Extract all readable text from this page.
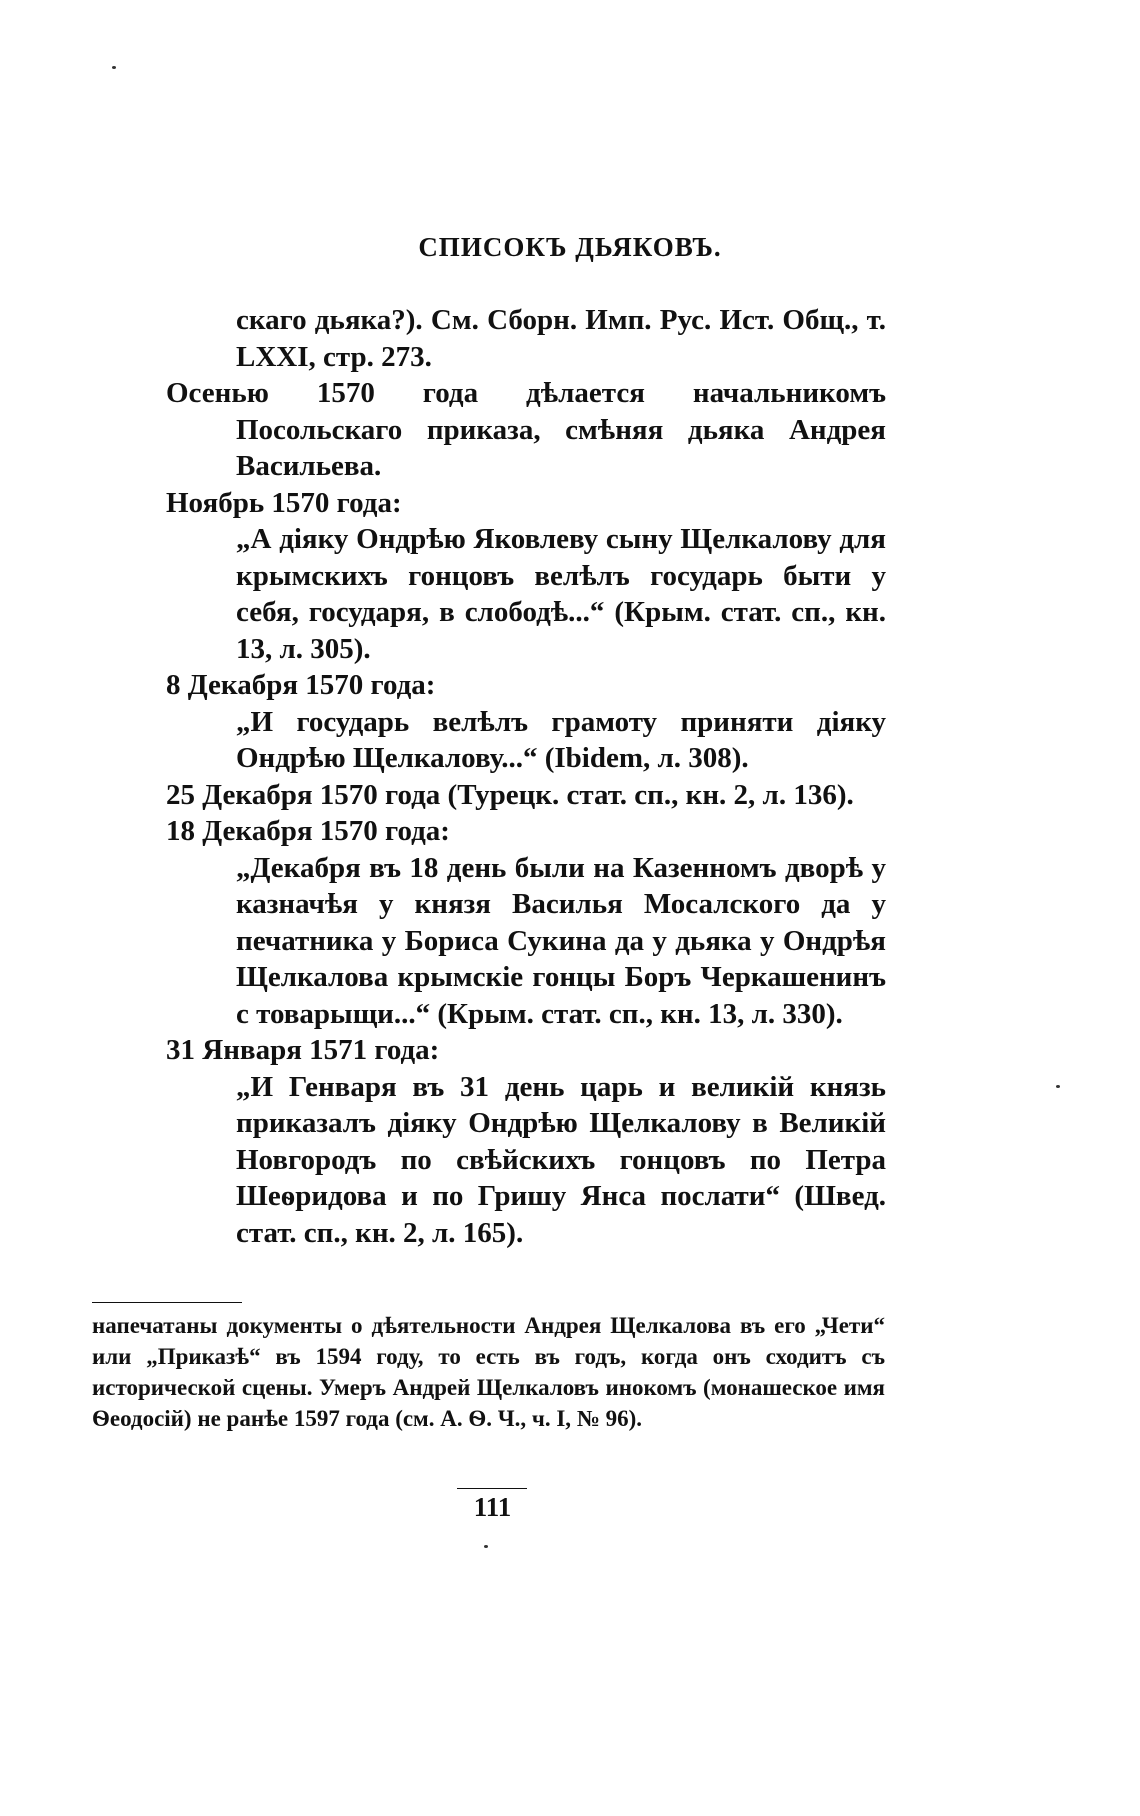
СПИСОКЪ ДЬЯКОВЪ.

скаго дьяка?). См. Сборн. Имп. Рус. Ист. Общ., т. LXXI, стр. 273.

Осенью 1570 года дѣлается начальникомъ Посольскаго приказа, смѣняя дьяка Андрея Васильева.

Ноябрь 1570 года:

„А дiяку Ондрѣю Яковлеву сыну Щелкалову для крымскихъ гонцовъ велѣлъ государь быти у себя, государя, в слободѣ...“ (Крым. стат. сп., кн. 13, л. 305).

8 Декабря 1570 года:

„И государь велѣлъ грамоту приняти дiяку Ондрѣю Щелкалову...“ (Ibidem, л. 308).

25 Декабря 1570 года (Турецк. стат. сп., кн. 2, л. 136).

18 Декабря 1570 года:

„Декабря въ 18 день были на Казенномъ дворѣ у казначѣя у князя Василья Мосалского да у печатника у Бориса Сукина да у дьяка у Ондрѣя Щелкалова крымскiе гонцы Боръ Черкашенинъ с товарыщи...“ (Крым. стат. сп., кн. 13, л. 330).

31 Января 1571 года:

„И Генваря въ 31 день царь и великiй князь приказалъ дiяку Ондрѣю Щелкалову в Великiй Новгородъ по свѣйскихъ гонцовъ по Петра Шеѳридова и по Гришу Янса послати“ (Швед. стат. сп., кн. 2, л. 165).

напечатаны документы о дѣятельности Андрея Щелкалова въ его „Чети“ или „Приказѣ“ въ 1594 году, то есть въ годъ, когда онъ сходитъ съ исторической сцены. Умеръ Андрей Щелкаловъ инокомъ (монашеское имя Ѳеодосiй) не ранѣе 1597 года (см. А. Ѳ. Ч., ч. I, № 96).
111
